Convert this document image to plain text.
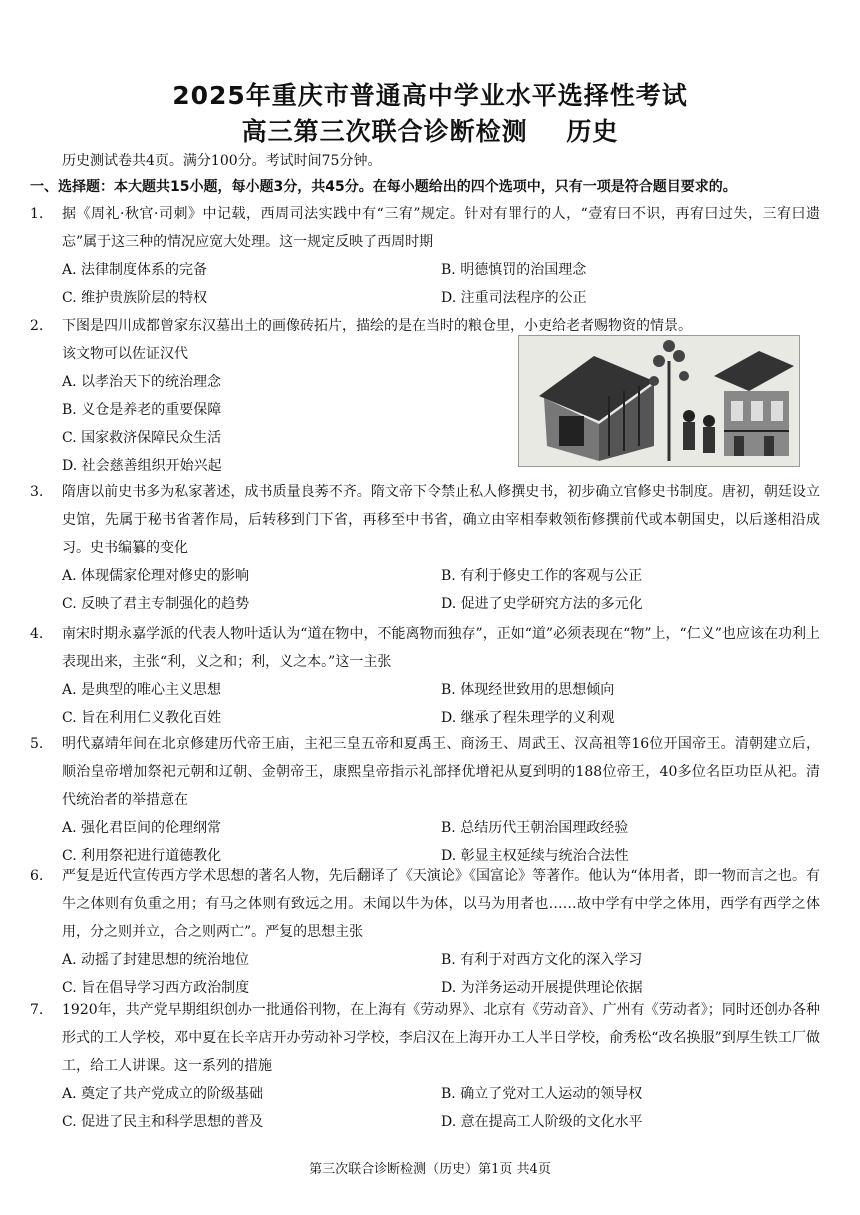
2025年重庆市普通高中学业水平选择性考试
高三第三次联合诊断检测    历史
历史测试卷共4页。满分100分。考试时间75分钟。
一、选择题：本大题共15小题，每小题3分，共45分。在每小题给出的四个选项中，只有一项是符合题目要求的。
1.	据《周礼·秋官·司刺》中记载，西周司法实践中有“三宥”规定。针对有罪行的人，“壹宥曰不识，再宥曰过失，三宥曰遗忘”属于这三种的情况应宽大处理。这一规定反映了西周时期
A. 法律制度体系的完备	B. 明德慎罚的治国理念
C. 维护贵族阶层的特权	D. 注重司法程序的公正
2.	下图是四川成都曾家东汉墓出土的画像砖拓片，描绘的是在当时的粮仓里，小吏给老者赐物资的情景。
该文物可以佐证汉代
A. 以孝治天下的统治理念
B. 义仓是养老的重要保障
C. 国家救济保障民众生活
D. 社会慈善组织开始兴起
3.	隋唐以前史书多为私家著述，成书质量良莠不齐。隋文帝下令禁止私人修撰史书，初步确立官修史书制度。唐初，朝廷设立史馆，先属于秘书省著作局，后转移到门下省，再移至中书省，确立由宰相奉敕领衔修撰前代或本朝国史，以后遂相沿成习。史书编纂的变化
A. 体现儒家伦理对修史的影响	B. 有利于修史工作的客观与公正
C. 反映了君主专制强化的趋势	D. 促进了史学研究方法的多元化
4.	南宋时期永嘉学派的代表人物叶适认为“道在物中，不能离物而独存”，正如“道”必须表现在“物”上，“仁义”也应该在功利上表现出来，主张“利，义之和；利，义之本。”这一主张
A. 是典型的唯心主义思想	B. 体现经世致用的思想倾向
C. 旨在利用仁义教化百姓	D. 继承了程朱理学的义利观
5.	明代嘉靖年间在北京修建历代帝王庙，主祀三皇五帝和夏禹王、商汤王、周武王、汉高祖等16位开国帝王。清朝建立后，顺治皇帝增加祭祀元朝和辽朝、金朝帝王，康熙皇帝指示礼部择优增祀从夏到明的188位帝王，40多位名臣功臣从祀。清代统治者的举措意在
A. 强化君臣间的伦理纲常	B. 总结历代王朝治国理政经验
C. 利用祭祀进行道德教化	D. 彰显主权延续与统治合法性
6.	严复是近代宣传西方学术思想的著名人物，先后翻译了《天演论》《国富论》等著作。他认为“体用者，即一物而言之也。有牛之体则有负重之用；有马之体则有致远之用。未闻以牛为体，以马为用者也……故中学有中学之体用，西学有西学之体用，分之则并立，合之则两亡”。严复的思想主张
A. 动摇了封建思想的统治地位	B. 有利于对西方文化的深入学习
C. 旨在倡导学习西方政治制度	D. 为洋务运动开展提供理论依据
7.	1920年，共产党早期组织创办一批通俗刊物，在上海有《劳动界》、北京有《劳动音》、广州有《劳动者》；同时还创办各种形式的工人学校，邓中夏在长辛店开办劳动补习学校，李启汉在上海开办工人半日学校，俞秀松“改名换服”到厚生铁工厂做工，给工人讲课。这一系列的措施
A. 奠定了共产党成立的阶级基础	B. 确立了党对工人运动的领导权
C. 促进了民主和科学思想的普及	D. 意在提高工人阶级的文化水平
第三次联合诊断检测（历史）第1页 共4页
